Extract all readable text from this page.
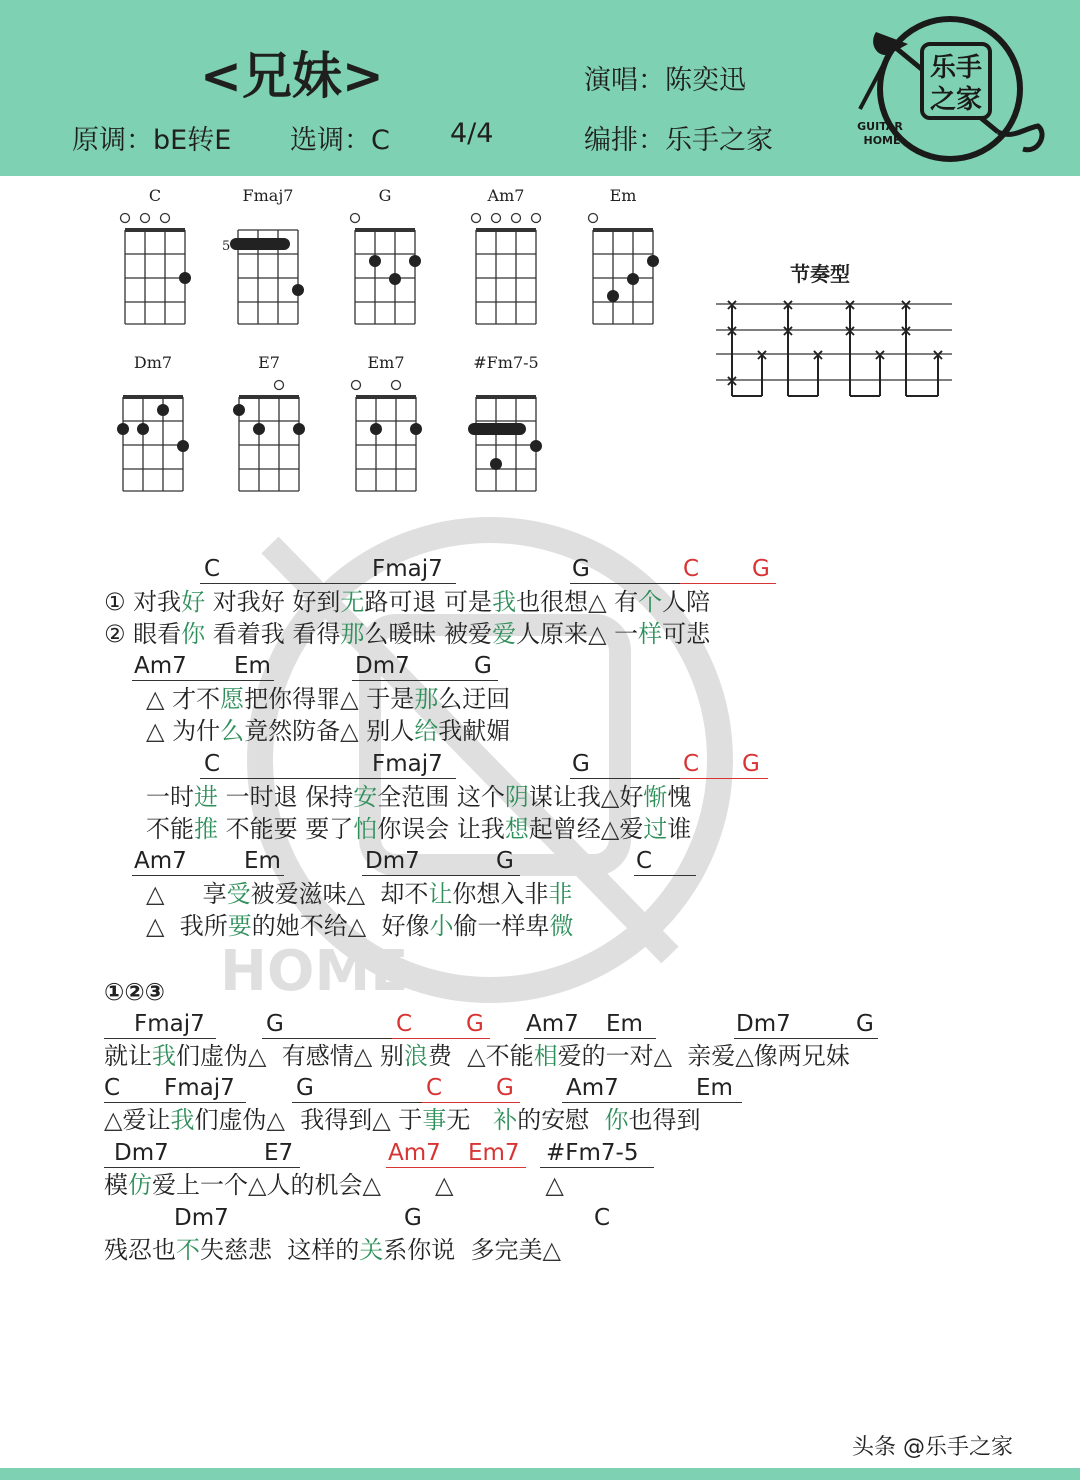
<兄妹>	演唱：陈奕迅
原调：bE转E 选调：C 4/4	编排：乐手之家
乐手
之家
GUITAR
HOME
HOME
C	Fmaj7
5
G	Am7	Em
Dm7	E7	Em7	#Fm7-5
节奏型
×
×
×
×
×
×
×
×
×
×
×
×
×
C	Fmaj7	G	C G
① 对我好 对我好 好到无路可退 可是我也很想△ 有个人陪
② 眼看你 看着我 看得那么暖昧 被爱爱人原来△ 一样可悲
Am7 Em	Dm7	G
△ 才不愿把你得罪△ 于是那么迂回
△ 为什么竟然防备△ 别人给我献媚
C	Fmaj7	G	C G
一时进 一时退 保持安全范围 这个阴谋让我△好惭愧
不能推 不能要 要了怕你误会 让我想起曾经△爱过谁
Am7 Em	Dm7	G	C
△     享受被爱滋味△  却不让你想入非非
△  我所要的她不给△  好像小偷一样卑微
①②③
Fmaj7	G	C G Am7 Em	Dm7	G
就让我们虚伪△  有感情△ 别浪费  △不能相爱的一对△  亲爱△像两兄妹
C Fmaj7	G	C G Am7	Em
△爱让我们虚伪△  我得到△ 于事无   补的安慰  你也得到
Dm7	E7	Am7 Em7 #Fm7-5
模仿爱上一个△人的机会△ △	△
Dm7	G	C
残忍也不失慈悲  这样的关系你说  多完美△
头条 @乐手之家
